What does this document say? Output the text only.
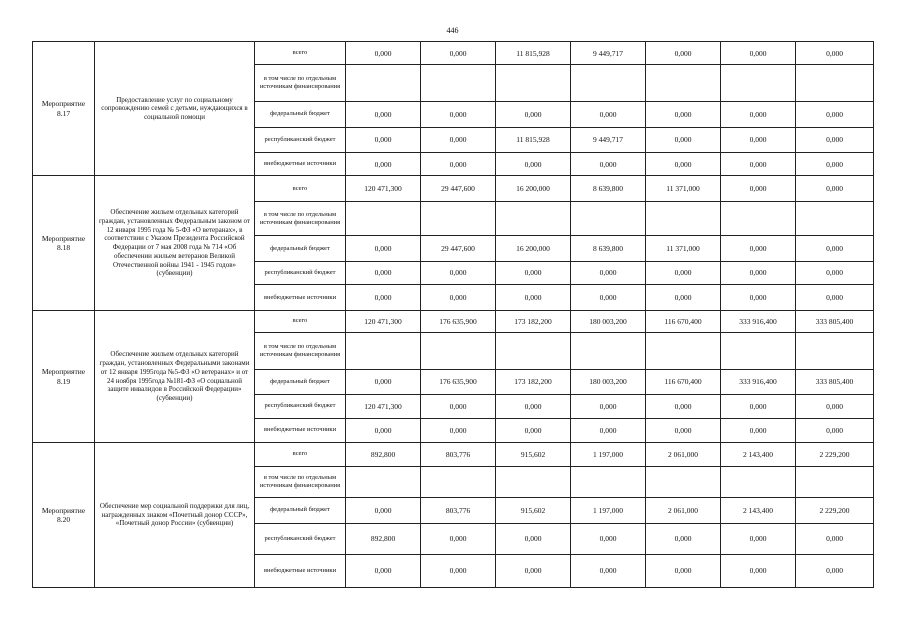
446
Мероприятие 8.17	Предоставление услуг по социальному сопровождению семей с детьми, нуждающихся в социальной помощи	всего	0,000	0,000	11 815,928	9 449,717	0,000	0,000	0,000
		в том числе по отдельным источникам финансирования							
		федеральный бюджет	0,000	0,000	0,000	0,000	0,000	0,000	0,000
		республиканский бюджет	0,000	0,000	11 815,928	9 449,717	0,000	0,000	0,000
		внебюджетные источники	0,000	0,000	0,000	0,000	0,000	0,000	0,000
Мероприятие 8.18	Обеспечение жильем отдельных категорий граждан, установленных Федеральным законом от 12 января 1995 года № 5-ФЗ «О ветеранах», в соответствии с Указом Президента Российской Федерации от 7 мая 2008 года № 714 «Об обеспечении жильем ветеранов Великой Отечественной войны 1941 - 1945 годов» (субвенции)	всего	120 471,300	29 447,600	16 200,000	8 639,800	11 371,000	0,000	0,000
		в том числе по отдельным источникам финансирования							
		федеральный бюджет	0,000	29 447,600	16 200,000	8 639,800	11 371,000	0,000	0,000
		республиканский бюджет	0,000	0,000	0,000	0,000	0,000	0,000	0,000
		внебюджетные источники	0,000	0,000	0,000	0,000	0,000	0,000	0,000
Мероприятие 8.19	Обеспечение жильем отдельных категорий граждан, установленных Федеральными законами от 12 января 1995года №5-ФЗ «О ветеранах» и от 24 ноября 1995года №181-ФЗ «О социальной защите инвалидов в Российской Федерации» (субвенции)	всего	120 471,300	176 635,900	173 182,200	180 003,200	116 670,400	333 916,400	333 805,400
		в том числе по отдельным источникам финансирования							
		федеральный бюджет	0,000	176 635,900	173 182,200	180 003,200	116 670,400	333 916,400	333 805,400
		республиканский бюджет	120 471,300	0,000	0,000	0,000	0,000	0,000	0,000
		внебюджетные источники	0,000	0,000	0,000	0,000	0,000	0,000	0,000
Мероприятие 8.20	Обеспечение мер социальной поддержки для лиц, награжденных знаком «Почетный донор СССР», «Почетный донор России» (субвенции)	всего	892,800	803,776	915,602	1 197,000	2 061,000	2 143,400	2 229,200
		в том числе по отдельным источникам финансирования							
		федеральный бюджет	0,000	803,776	915,602	1 197,000	2 061,000	2 143,400	2 229,200
		республиканский бюджет	892,800	0,000	0,000	0,000	0,000	0,000	0,000
		внебюджетные источники	0,000	0,000	0,000	0,000	0,000	0,000	0,000
